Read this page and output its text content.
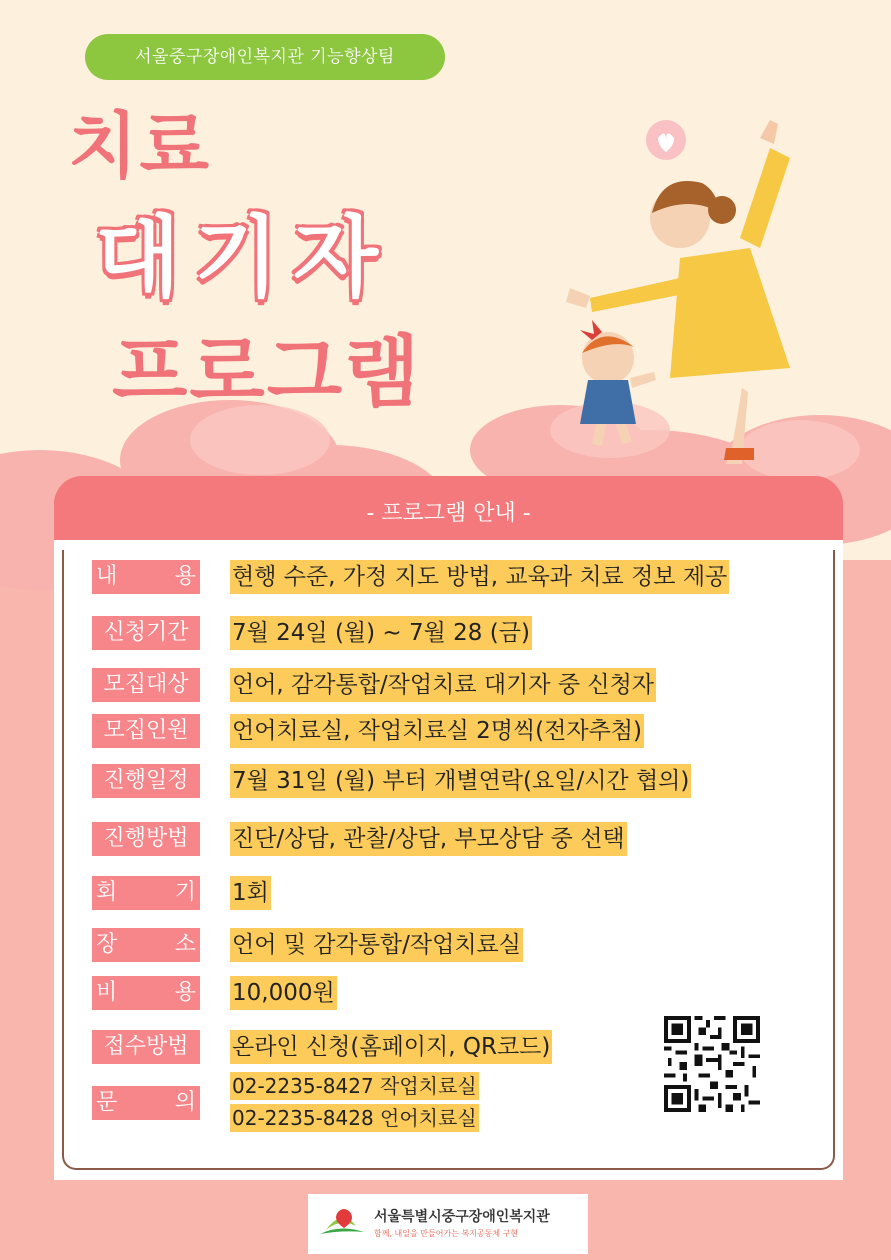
서울중구장애인복지관 기능향상팀
치료
대기자
프로그램
- 프로그램 안내 -
내	용 현행 수준, 가정 지도 방법, 교육과 치료 정보 제공
신청기간	7월 24일 (월) ~ 7월 28 (금)
모집대상	언어, 감각통합/작업치료 대기자 중 신청자
모집인원	언어치료실, 작업치료실 2명씩(전자추첨)
진행일정	7월 31일 (월) 부터 개별연락(요일/시간 협의)
진행방법	진단/상담, 관찰/상담, 부모상담 중 선택
회	기 1회
장	소 언어 및 감각통합/작업치료실
비	용 10,000원
접수방법	온라인 신청(홈페이지, QR코드)
문	의
02-2235-8427 작업치료실
02-2235-8428 언어치료실
서울특별시중구장애인복지관
함께, 내일을 만들어가는 복지공동체 구현
